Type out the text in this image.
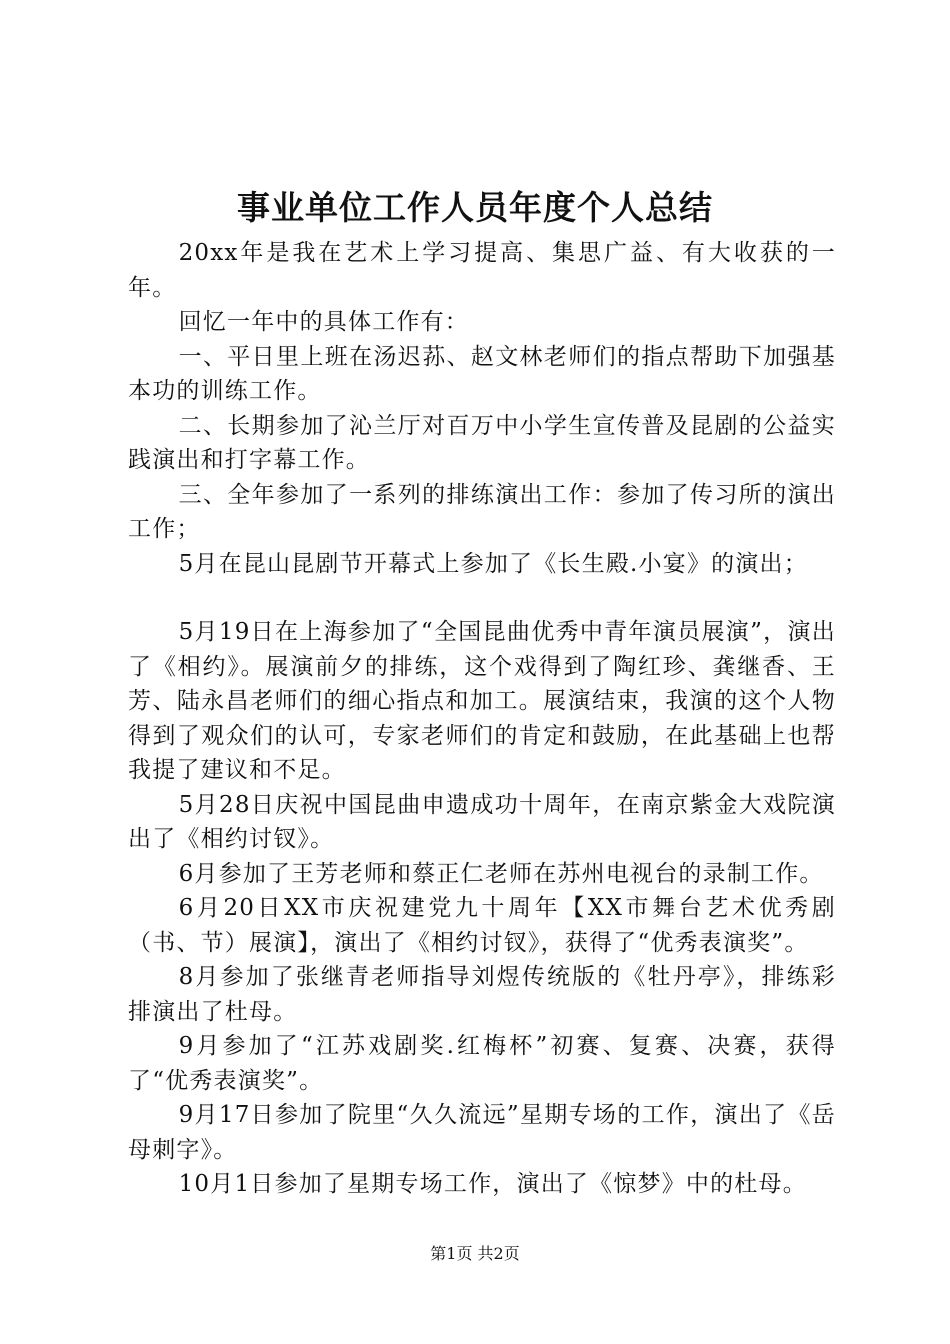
事业单位工作人员年度个人总结

20xx年是我在艺术上学习提高、集思广益、有大收获的一年。

回忆一年中的具体工作有：

一、平日里上班在汤迟荪、赵文林老师们的指点帮助下加强基本功的训练工作。

二、长期参加了沁兰厅对百万中小学生宣传普及昆剧的公益实践演出和打字幕工作。

三、全年参加了一系列的排练演出工作：参加了传习所的演出工作；

5月在昆山昆剧节开幕式上参加了《长生殿.小宴》的演出；

5月19日在上海参加了“全国昆曲优秀中青年演员展演”，演出了《相约》。展演前夕的排练，这个戏得到了陶红珍、龚继香、王芳、陆永昌老师们的细心指点和加工。展演结束，我演的这个人物得到了观众们的认可，专家老师们的肯定和鼓励，在此基础上也帮我提了建议和不足。

5月28日庆祝中国昆曲申遗成功十周年，在南京紫金大戏院演出了《相约讨钗》。

6月参加了王芳老师和蔡正仁老师在苏州电视台的录制工作。

6月20日XX市庆祝建党九十周年【XX市舞台艺术优秀剧（书、节）展演】，演出了《相约讨钗》，获得了“优秀表演奖”。

8月参加了张继青老师指导刘煜传统版的《牡丹亭》，排练彩排演出了杜母。

9月参加了“江苏戏剧奖.红梅杯”初赛、复赛、决赛，获得了“优秀表演奖”。

9月17日参加了院里“久久流远”星期专场的工作，演出了《岳母刺字》。

10月1日参加了星期专场工作，演出了《惊梦》中的杜母。

第1页 共2页
